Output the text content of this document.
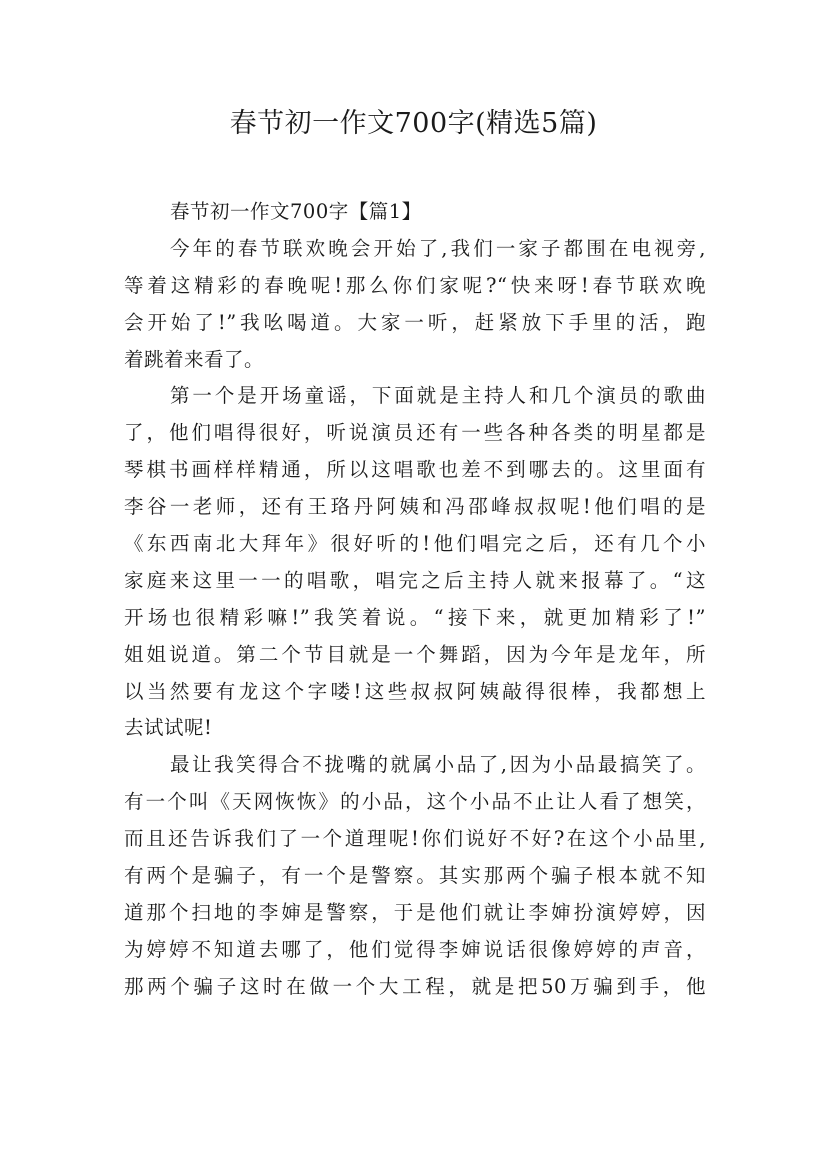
春节初一作文700字(精选5篇)
春节初一作文700字【篇1】
今年的春节联欢晚会开始了,我们一家子都围在电视旁,
等着这精彩的春晚呢!那么你们家呢?“快来呀!春节联欢晚
会开始了!”我吆喝道。大家一听，赶紧放下手里的活，跑
着跳着来看了。
第一个是开场童谣，下面就是主持人和几个演员的歌曲
了，他们唱得很好，听说演员还有一些各种各类的明星都是
琴棋书画样样精通，所以这唱歌也差不到哪去的。这里面有
李谷一老师，还有王珞丹阿姨和冯邵峰叔叔呢!他们唱的是
《东西南北大拜年》很好听的!他们唱完之后，还有几个小
家庭来这里一一的唱歌，唱完之后主持人就来报幕了。“这
开场也很精彩嘛!”我笑着说。“接下来，就更加精彩了!”
姐姐说道。第二个节目就是一个舞蹈，因为今年是龙年，所
以当然要有龙这个字喽!这些叔叔阿姨敲得很棒，我都想上
去试试呢!
最让我笑得合不拢嘴的就属小品了,因为小品最搞笑了。
有一个叫《天网恢恢》的小品，这个小品不止让人看了想笑，
而且还告诉我们了一个道理呢!你们说好不好?在这个小品里,
有两个是骗子，有一个是警察。其实那两个骗子根本就不知
道那个扫地的李婶是警察，于是他们就让李婶扮演婷婷，因
为婷婷不知道去哪了，他们觉得李婶说话很像婷婷的声音，
那两个骗子这时在做一个大工程，就是把50万骗到手，他
